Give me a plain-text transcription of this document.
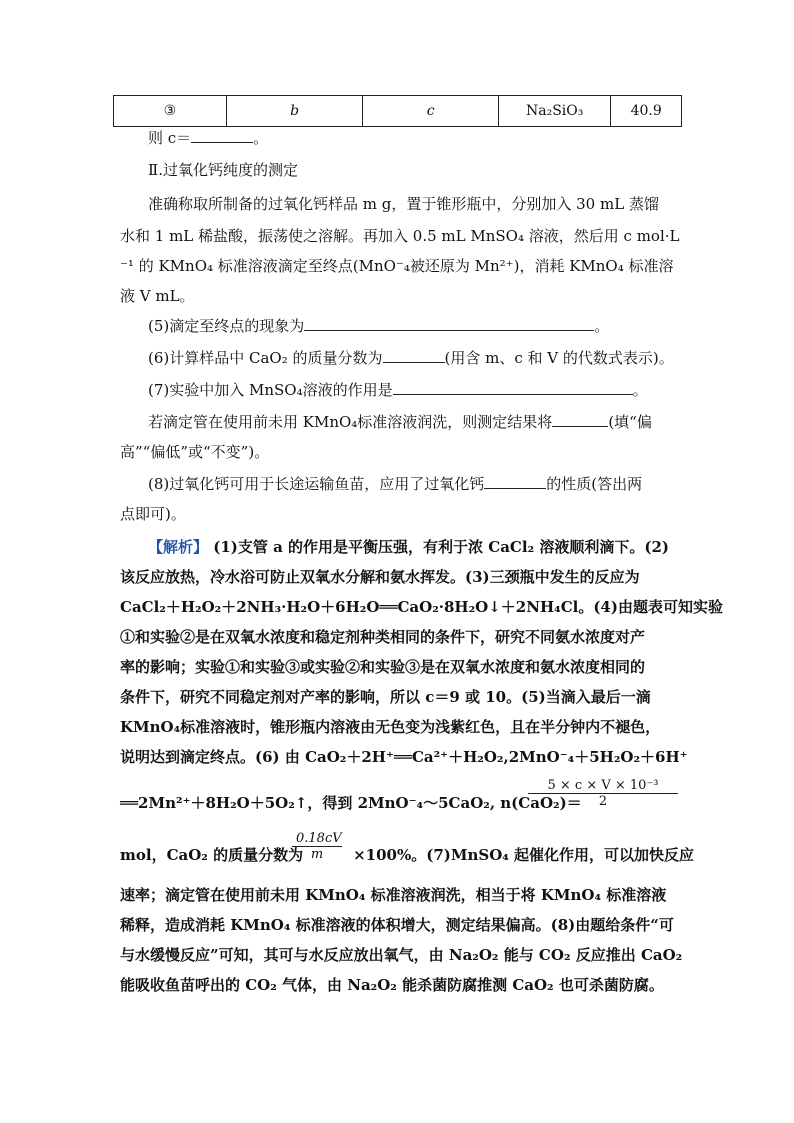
③	b	c	Na₂SiO₃	40.9
则 c＝	。
Ⅱ.过氧化钙纯度的测定
准确称取所制备的过氧化钙样品 m g，置于锥形瓶中，分别加入 30 mL 蒸馏
水和 1 mL 稀盐酸，振荡使之溶解。再加入 0.5 mL MnSO₄ 溶液，然后用 c mol·L
⁻¹ 的 KMnO₄ 标准溶液滴定至终点(MnO⁻₄被还原为 Mn²⁺)，消耗 KMnO₄ 标准溶
液 V mL。
(5)滴定至终点的现象为	。
(6)计算样品中 CaO₂ 的质量分数为	(用含 m、c 和 V 的代数式表示)。
(7)实验中加入 MnSO₄溶液的作用是	。
若滴定管在使用前未用 KMnO₄标准溶液润洗，则测定结果将	(填“偏
高”“偏低”或“不变”)。
(8)过氧化钙可用于长途运输鱼苗，应用了过氧化钙	的性质(答出两
点即可)。
【解析】 (1)支管 a 的作用是平衡压强，有利于浓 CaCl₂ 溶液顺利滴下。(2)
该反应放热，冷水浴可防止双氧水分解和氨水挥发。(3)三颈瓶中发生的反应为
CaCl₂＋H₂O₂＋2NH₃·H₂O＋6H₂O══CaO₂·8H₂O↓＋2NH₄Cl。(4)由题表可知实验
①和实验②是在双氧水浓度和稳定剂种类相同的条件下，研究不同氨水浓度对产
率的影响；实验①和实验③或实验②和实验③是在双氧水浓度和氨水浓度相同的
条件下，研究不同稳定剂对产率的影响，所以 c＝9 或 10。(5)当滴入最后一滴
KMnO₄标准溶液时，锥形瓶内溶液由无色变为浅紫红色，且在半分钟内不褪色，
说明达到滴定终点。(6) 由 CaO₂＋2H⁺══Ca²⁺＋H₂O₂,2MnO⁻₄＋5H₂O₂＋6H⁺
══2Mn²⁺＋8H₂O＋5O₂↑，得到 2MnO⁻₄～5CaO₂, n(CaO₂)＝
5 × c × V × 10⁻³
2
mol，CaO₂ 的质量分数为	×100%。(7)MnSO₄ 起催化作用，可以加快反应
0.18cV
m
速率；滴定管在使用前未用 KMnO₄ 标准溶液润洗，相当于将 KMnO₄ 标准溶液
稀释，造成消耗 KMnO₄ 标准溶液的体积增大，测定结果偏高。(8)由题给条件“可
与水缓慢反应”可知，其可与水反应放出氧气，由 Na₂O₂ 能与 CO₂ 反应推出 CaO₂
能吸收鱼苗呼出的 CO₂ 气体，由 Na₂O₂ 能杀菌防腐推测 CaO₂ 也可杀菌防腐。
